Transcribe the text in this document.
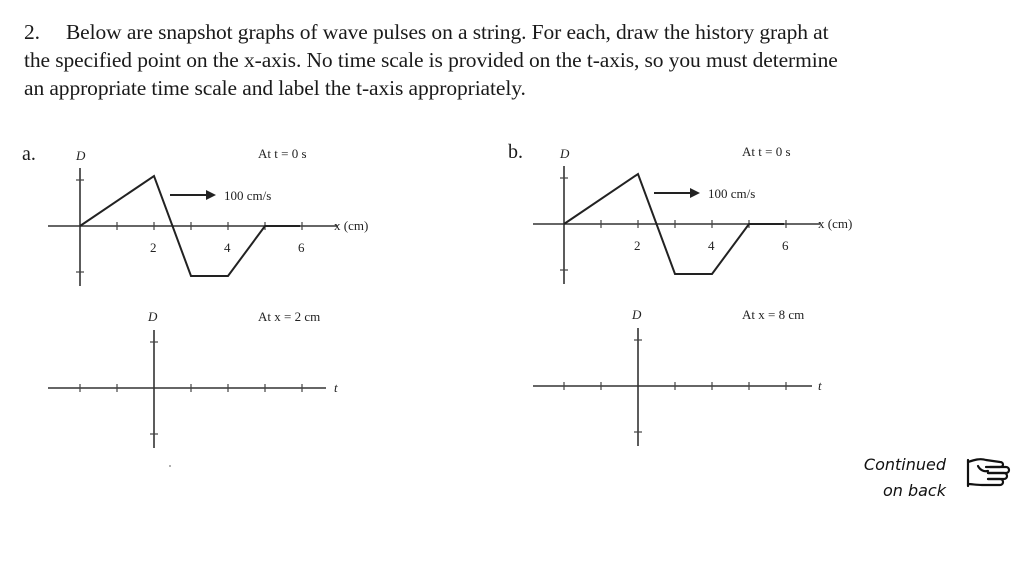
2. Below are snapshot graphs of wave pulses on a string. For each, draw the history graph at
the specified point on the x-axis. No time scale is provided on the t-axis, so you must determine
an appropriate time scale and label the t-axis appropriately.
a.	b.
D	At t = 0 s
100 cm/s
x (cm)
2	4	6
D	At x = 2 cm
t
D	At t = 0 s
100 cm/s
x (cm)
2	4	6
D	At x = 8 cm
t
Continued
on back
